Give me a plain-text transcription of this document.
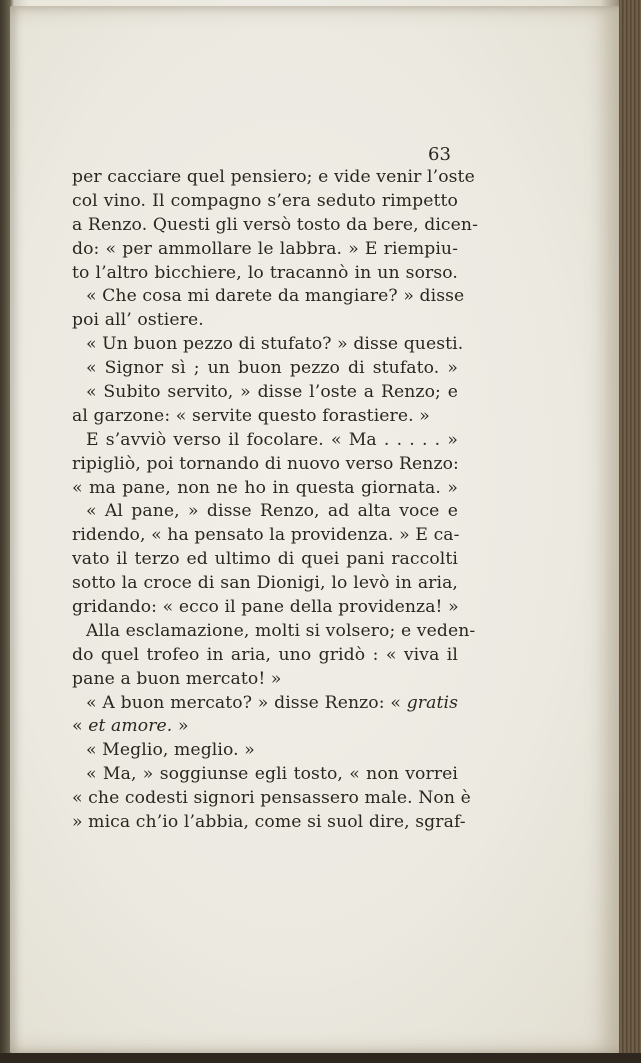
63
per cacciare quel pensiero; e vide venir l’oste
col vino. Il compagno s’era seduto rimpetto
a Renzo. Questi gli versò tosto da bere, dicen-
do: « per ammollare le labbra. » E riempiu-
to l’altro bicchiere, lo tracannò in un sorso.
« Che cosa mi darete da mangiare? » disse
poi all’ ostiere.
« Un buon pezzo di stufato? » disse questi.
« Signor sì ; un buon pezzo di stufato. »
« Subito servito, » disse l’oste a Renzo; e
al garzone: « servite questo forastiere. »
E s’avviò verso il focolare. « Ma . . . . . »
ripigliò, poi tornando di nuovo verso Renzo:
« ma pane, non ne ho in questa giornata. »
« Al pane, » disse Renzo, ad alta voce e
ridendo, « ha pensato la providenza. » E ca-
vato il terzo ed ultimo di quei pani raccolti
sotto la croce di san Dionigi, lo levò in aria,
gridando: « ecco il pane della providenza! »
Alla esclamazione, molti si volsero; e veden-
do quel trofeo in aria, uno gridò : « viva il
pane a buon mercato! »
« A buon mercato? » disse Renzo: « gratis
« et amore. »
« Meglio, meglio. »
« Ma, » soggiunse egli tosto, « non vorrei
« che codesti signori pensassero male. Non è
» mica ch’io l’abbia, come si suol dire, sgraf-
